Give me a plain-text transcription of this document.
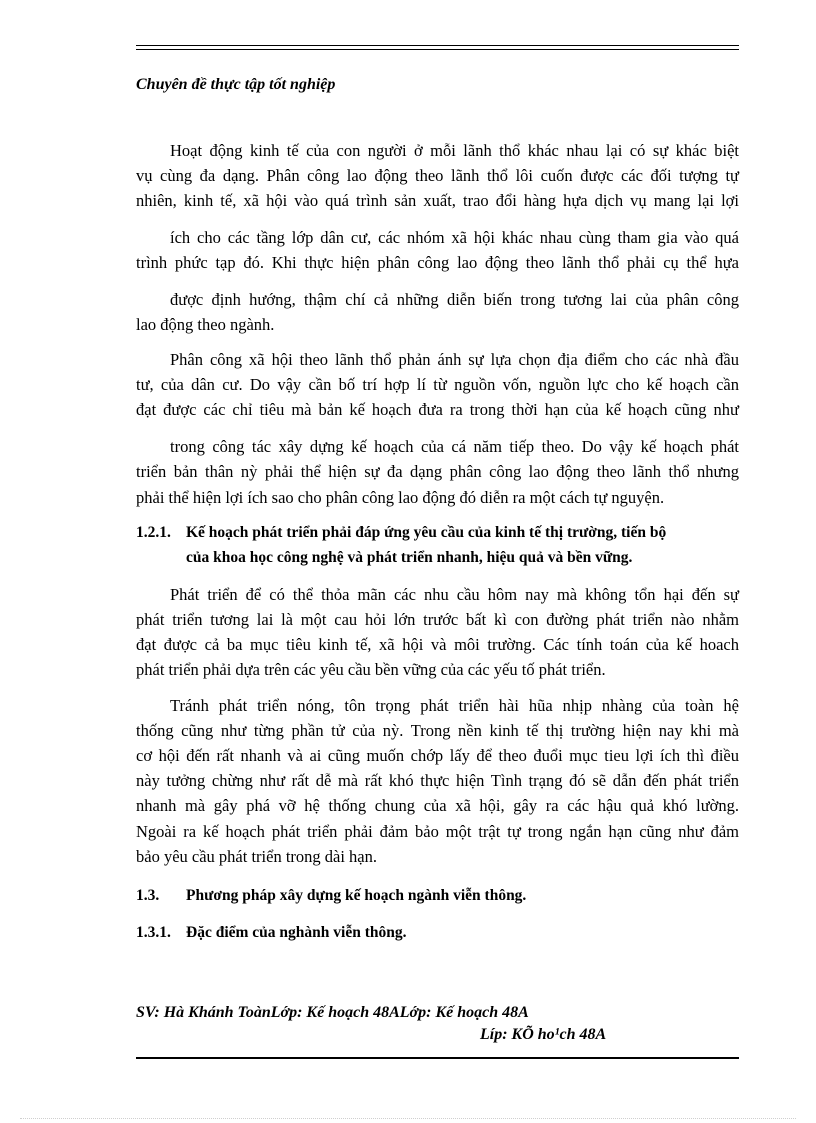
Chuyên đề thực tập tốt nghiệp
Hoạt động kinh tế của con người ở mỗi lãnh thổ khác nhau lại có sự khác biệt
vụ cùng đa dạng. Phân công lao động theo lãnh thổ lôi cuốn được các đối tượng tự
nhiên, kinh tế, xã hội vào quá trình sản xuất, trao đổi hàng hựa dịch vụ mang lại lợi
ích cho các tầng lớp dân cư, các nhóm xã hội khác nhau cùng tham gia vào quá
trình phức tạp đó. Khi thực hiện phân công lao động theo lãnh thổ phải cụ thể hựa
được định hướng, thậm chí cả những diễn biến trong tương lai của phân công
lao động theo ngành.
Phân công xã hội theo lãnh thổ phản ánh sự lựa chọn địa điểm cho các nhà đầu
tư, của dân cư. Do vậy cần bố trí hợp lí từ nguồn vốn, nguồn lực cho kế hoạch cần
đạt được các chỉ tiêu mà bản kế hoạch đưa ra trong thời hạn của kế hoạch cũng như
trong công tác xây dựng kế hoạch của cá năm tiếp theo. Do vậy kế hoạch phát
triển bản thân nỳ phải thể hiện sự đa dạng phân công lao động theo lãnh thổ nhưng
phải thể hiện lợi ích sao cho phân công lao động đó diễn ra một cách tự nguyện.
1.2.1. Kế hoạch phát triển phải đáp ứng yêu cầu của kinh tế thị trường, tiến bộ
của khoa học công nghệ và phát triển nhanh, hiệu quả và bền vững.
Phát triển để có thể thỏa mãn các nhu cầu hôm nay mà không tổn hại đến sự
phát triển tương lai là một cau hỏi lớn trước bất kì con đường phát triển nào nhằm
đạt được cả ba mục tiêu kinh tế, xã hội và môi trường. Các tính toán của kế hoach
phát triển phải dựa trên các yêu cầu bền vững của các yếu tố phát triển.
Tránh phát triển nóng, tôn trọng phát triển hài hũa nhịp nhàng của toàn hệ
thống cũng như từng phần tử của nỳ. Trong nền kinh tế thị trường hiện nay khi mà
cơ hội đến rất nhanh và ai cũng muốn chớp lấy để theo đuổi mục tieu lợi ích thì điều
này tưởng chừng như rất dễ mà rất khó thực hiện Tình trạng đó sẽ dẫn đến phát triển
nhanh mà gây phá vỡ hệ thống chung của xã hội, gây ra các hậu quả khó lường.
Ngoài ra kế hoạch phát triển phải đảm bảo một trật tự trong ngắn hạn cũng như đảm
bảo yêu cầu phát triển trong dài hạn.
1.3. Phương pháp xây dựng kế hoạch ngành viễn thông.
1.3.1. Đặc điểm của nghành viễn thông.
SV: Hà Khánh ToànLớp: Kế hoạch 48ALớp: Kế hoạch 48A
Líp: KÕ ho¹ch 48A
